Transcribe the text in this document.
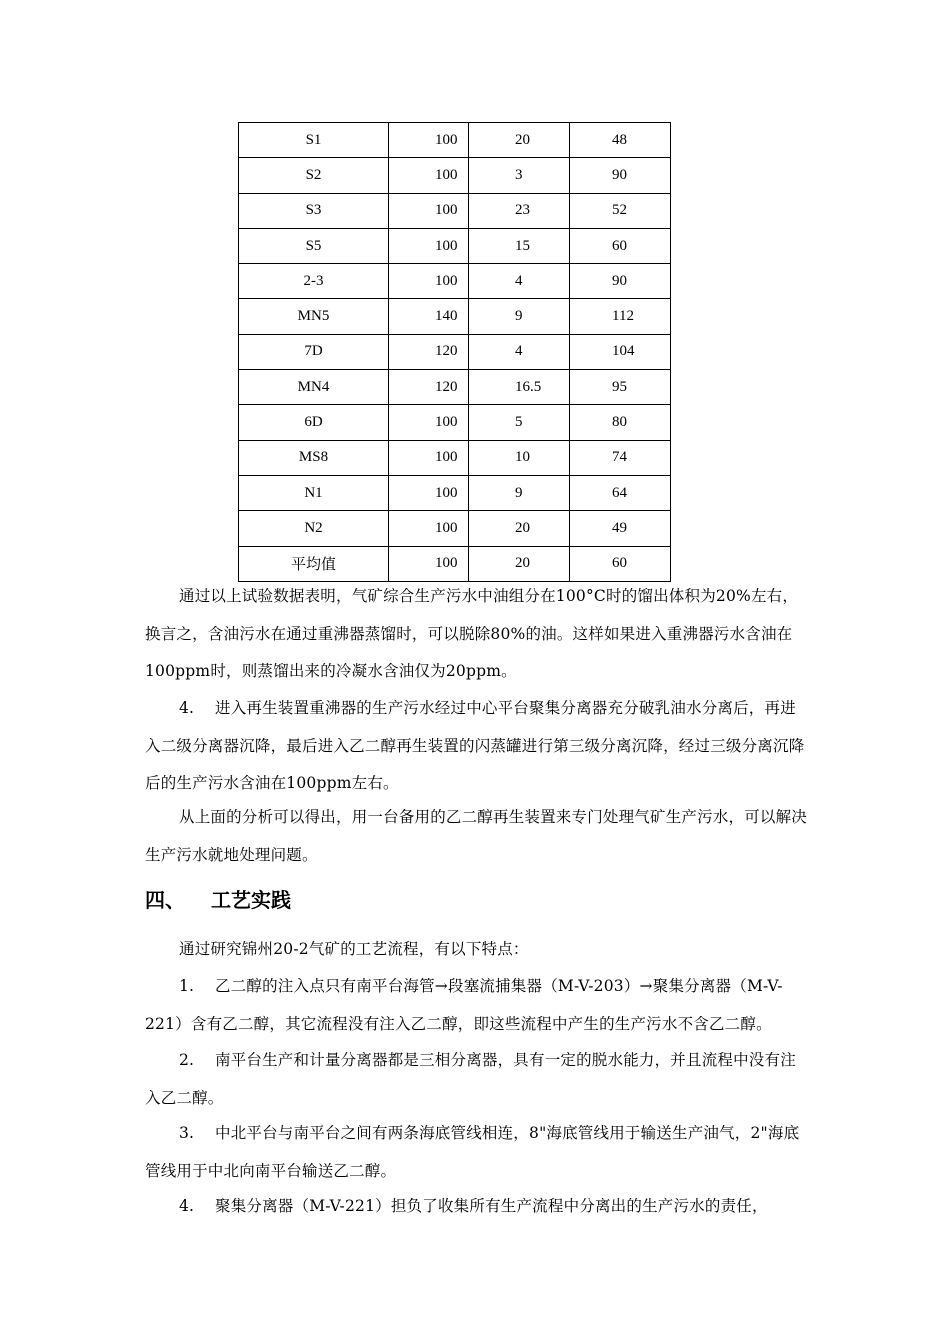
S1	100	20	48
S2	100	3	90
S3	100	23	52
S5	100	15	60
2-3	100	4	90
MN5	140	9	112
7D	120	4	104
MN4	120	16.5	95
6D	100	5	80
MS8	100	10	74
N1	100	9	64
N2	100	20	49
平均值	100	20	60
通过以上试验数据表明，气矿综合生产污水中油组分在100°C时的馏出体积为20%左右，换言之，含油污水在通过重沸器蒸馏时，可以脱除80%的油。这样如果进入重沸器污水含油在100ppm时，则蒸馏出来的冷凝水含油仅为20ppm。
4. 进入再生装置重沸器的生产污水经过中心平台聚集分离器充分破乳油水分离后，再进入二级分离器沉降，最后进入乙二醇再生装置的闪蒸罐进行第三级分离沉降，经过三级分离沉降后的生产污水含油在100ppm左右。
从上面的分析可以得出，用一台备用的乙二醇再生装置来专门处理气矿生产污水，可以解决生产污水就地处理问题。
四、 工艺实践
通过研究锦州20-2气矿的工艺流程，有以下特点：
1. 乙二醇的注入点只有南平台海管→段塞流捕集器（M-V-203）→聚集分离器（M-V-221）含有乙二醇，其它流程没有注入乙二醇，即这些流程中产生的生产污水不含乙二醇。
2. 南平台生产和计量分离器都是三相分离器，具有一定的脱水能力，并且流程中没有注入乙二醇。
3. 中北平台与南平台之间有两条海底管线相连，8"海底管线用于输送生产油气，2"海底管线用于中北向南平台输送乙二醇。
4. 聚集分离器（M-V-221）担负了收集所有生产流程中分离出的生产污水的责任，
